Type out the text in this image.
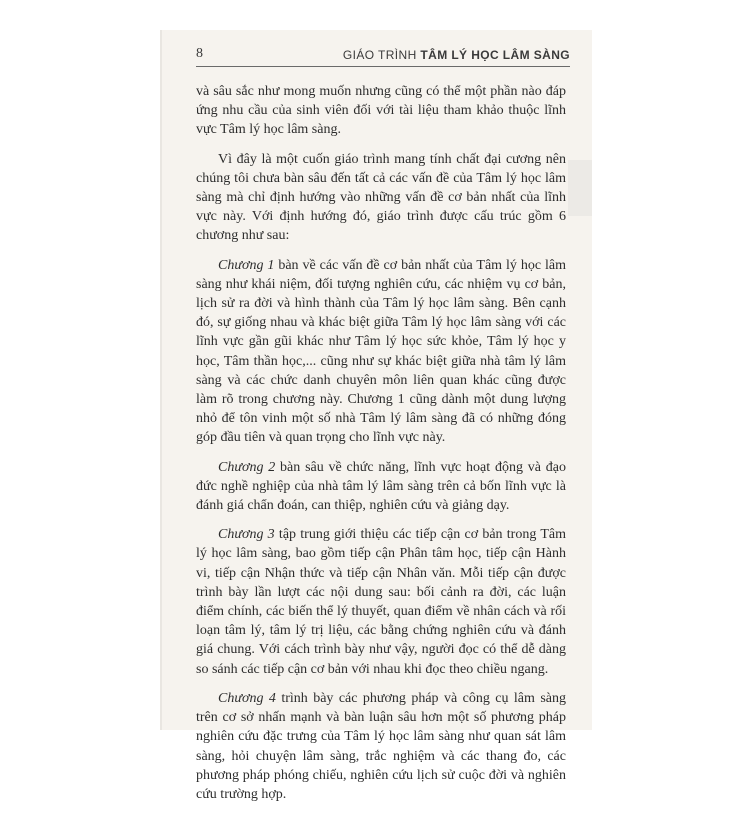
8	GIÁO TRÌNH TÂM LÝ HỌC LÂM SÀNG

và sâu sắc như mong muốn nhưng cũng có thể một phần nào đáp ứng nhu cầu của sinh viên đối với tài liệu tham khảo thuộc lĩnh vực Tâm lý học lâm sàng.

Vì đây là một cuốn giáo trình mang tính chất đại cương nên chúng tôi chưa bàn sâu đến tất cả các vấn đề của Tâm lý học lâm sàng mà chỉ định hướng vào những vấn đề cơ bản nhất của lĩnh vực này. Với định hướng đó, giáo trình được cấu trúc gồm 6 chương như sau:

Chương 1 bàn về các vấn đề cơ bản nhất của Tâm lý học lâm sàng như khái niệm, đối tượng nghiên cứu, các nhiệm vụ cơ bản, lịch sử ra đời và hình thành của Tâm lý học lâm sàng. Bên cạnh đó, sự giống nhau và khác biệt giữa Tâm lý học lâm sàng với các lĩnh vực gần gũi khác như Tâm lý học sức khỏe, Tâm lý học y học, Tâm thần học,... cũng như sự khác biệt giữa nhà tâm lý lâm sàng và các chức danh chuyên môn liên quan khác cũng được làm rõ trong chương này. Chương 1 cũng dành một dung lượng nhỏ để tôn vinh một số nhà Tâm lý lâm sàng đã có những đóng góp đầu tiên và quan trọng cho lĩnh vực này.

Chương 2 bàn sâu về chức năng, lĩnh vực hoạt động và đạo đức nghề nghiệp của nhà tâm lý lâm sàng trên cả bốn lĩnh vực là đánh giá chẩn đoán, can thiệp, nghiên cứu và giảng dạy.

Chương 3 tập trung giới thiệu các tiếp cận cơ bản trong Tâm lý học lâm sàng, bao gồm tiếp cận Phân tâm học, tiếp cận Hành vi, tiếp cận Nhận thức và tiếp cận Nhân văn. Mỗi tiếp cận được trình bày lần lượt các nội dung sau: bối cảnh ra đời, các luận điểm chính, các biến thể lý thuyết, quan điểm về nhân cách và rối loạn tâm lý, tâm lý trị liệu, các bằng chứng nghiên cứu và đánh giá chung. Với cách trình bày như vậy, người đọc có thể dễ dàng so sánh các tiếp cận cơ bản với nhau khi đọc theo chiều ngang.

Chương 4 trình bày các phương pháp và công cụ lâm sàng trên cơ sở nhấn mạnh và bàn luận sâu hơn một số phương pháp nghiên cứu đặc trưng của Tâm lý học lâm sàng như quan sát lâm sàng, hỏi chuyện lâm sàng, trắc nghiệm và các thang đo, các phương pháp phóng chiếu, nghiên cứu lịch sử cuộc đời và nghiên cứu trường hợp.
